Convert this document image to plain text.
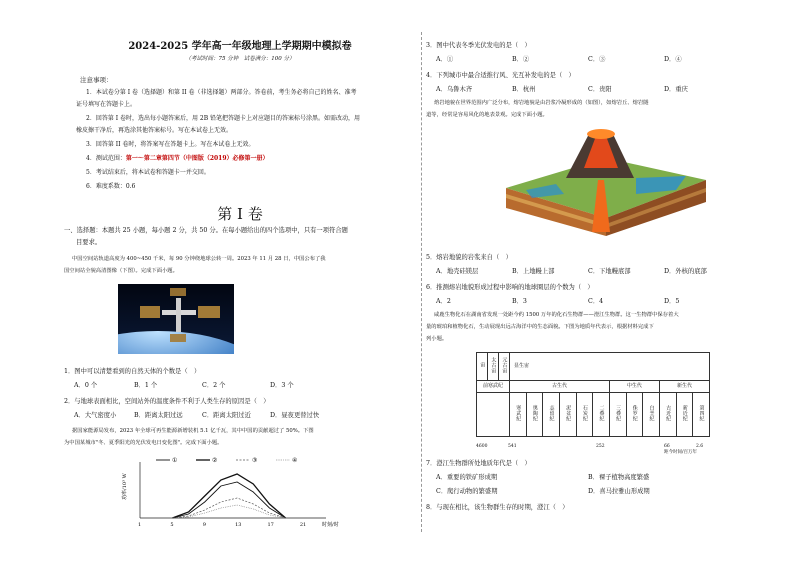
2024-2025 学年高一年级地理上学期期中模拟卷
（考试时间：75 分钟　试卷满分：100 分）
注意事项：
1．本试卷分第 I 卷（选择题）和第 II 卷（非选择题）两部分。答卷前，考生务必将自己的姓名、准考
证号填写在答题卡上。
2．回答第 I 卷时，选出每小题答案后，用 2B 铅笔把答题卡上对应题目的答案标号涂黑。如需改动，用
橡皮擦干净后，再选涂其他答案标号。写在本试卷上无效。
3．回答第 II 卷时，将答案写在答题卡上。写在本试卷上无效。
4．测试范围：第一～第二章第四节（中图版（2019）必修第一册）
5．考试结束后，将本试卷和答题卡一并交回。
6．难度系数：0.6
第 I 卷
一、选择题：本题共 25 小题，每小题 2 分，共 50 分。在每小题给出的四个选项中，只有一项符合题
目要求。
中国空间站轨道高度为 400~450 千米，每 90 分钟绕地球公转一周。2023 年 11 月 28 日，中国公布了我
国空间站全貌高清图像（下图）。完成下面小题。
1．图中可以清楚看到的自然天体的个数是（　）
A．0 个	B．1 个	C．2 个	D．3 个
2．与地球表面相比，空间站外的温度条件不利于人类生存的原因是（　）
A．大气密度小	B．距离太阳过远	C．距离太阳过近	D．昼夜更替过快
据国家能源局发布，2023 年全球可再生能源新增装机 5.1 亿千瓦，其中中国的贡献超过了 50%。下图
为中国某城市"冬、夏季阳光的光伏发电日变化图"。完成下面小题。
功率/10³ W
时刻/时
1	5	9	13	17	21
①	②	③	④
3．图中代表冬季光伏发电的是（　）
A．①	B．②	C．③	D．④
4．下列城市中最合适推行风、光互补发电的是（　）
A．乌鲁木齐	B．杭州	C．贵阳	D．重庆
熔岩地貌在世界范围内广泛分布，熔岩地貌是由岩浆冷凝形成的（如图），如熔岩丘、熔岩隧
道等，经常是容易风化的地表景观。完成下面小题。
5．熔岩地貌的岩浆来自（　）
A．地壳硅镁层	B．上地幔上部	C．下地幔底部	D．外核的底部
6．推测熔岩地貌形成过程中影响的地球圈层的个数为（　）
A．2	B．3	C．4	D．5
咸鹿生物化石在湖南省发现一处距今约 1500 万年的化石生物群——澄江生物群。这一生物群中保存着大
量的琥珀和植物化石，生动展现出远古海洋中的生态面貌。下图为地质年代表示，根据材料完成下
列小题。
7．澄江生物群所处地质年代是（　）
A．重要的铁矿形成期	B．裸子植物高度繁盛
C．爬行动物的繁盛期	D．喜马拉雅山形成期
8．与现在相比，该生物群生存的时期，澄江（　）
宙	太古宙	元古宙	显生宙											
前寒武纪			古生代						中生代			新生代		
			寒武纪	奥陶纪	志留纪	泥盆纪	石炭纪	二叠纪	三叠纪	侏罗纪	白垩纪	古近纪	新近纪	第四纪
4600	541	252	66	2.6
距今时间/百万年
